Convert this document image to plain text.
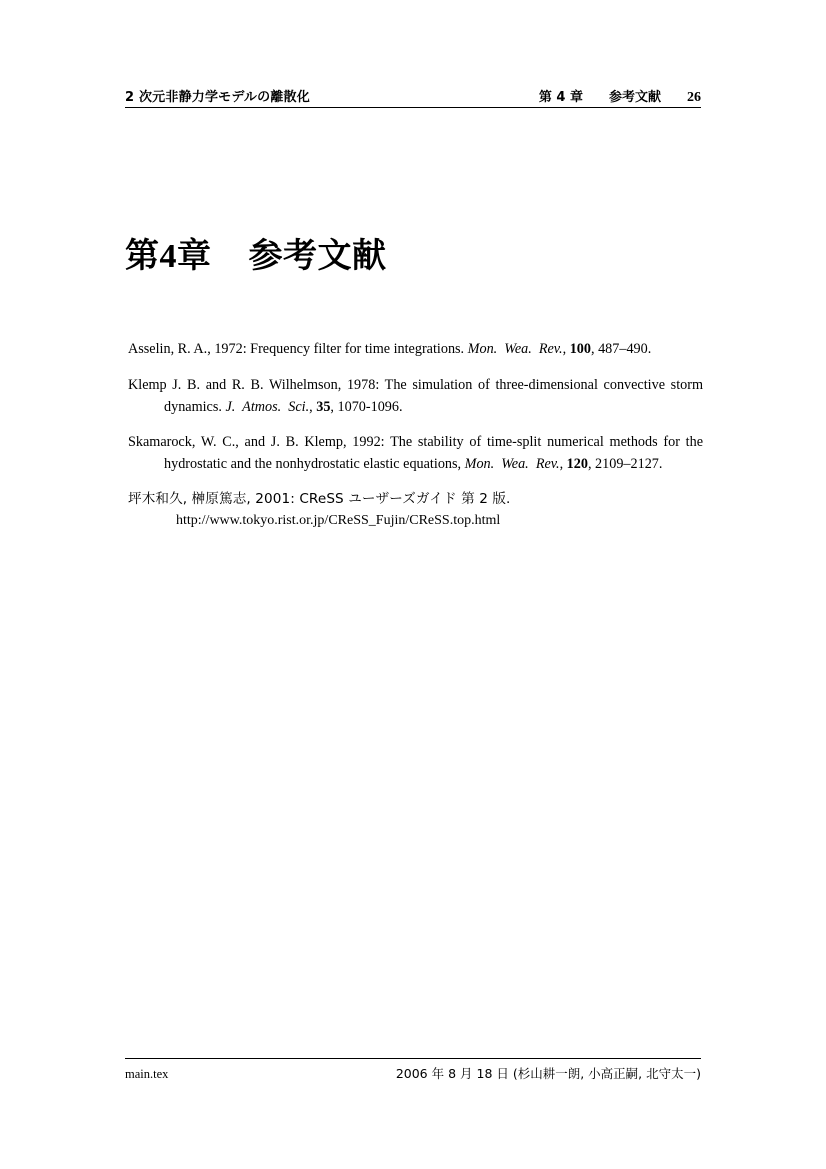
2 次元非静力学モデルの離散化	第 4 章 参考文献 26
第4章 参考文献

Asselin, R. A., 1972: Frequency filter for time integrations. Mon.  Wea.  Rev., 100, 487–490.

Klemp J. B. and R. B. Wilhelmson, 1978: The simulation of three-dimensional convective storm dynamics. J.  Atmos.  Sci., 35, 1070-1096.

Skamarock, W. C., and J. B. Klemp, 1992: The stability of time-split numerical methods for the hydrostatic and the nonhydrostatic elastic equations, Mon.  Wea.  Rev., 120, 2109–2127.

坪木和久, 榊原篤志, 2001: CReSS ユーザーズガイド 第 2 版.
http://www.tokyo.rist.or.jp/CReSS_Fujin/CReSS.top.html

main.tex	2006 年 8 月 18 日 (杉山耕一朗, 小高正嗣, 北守太一)
